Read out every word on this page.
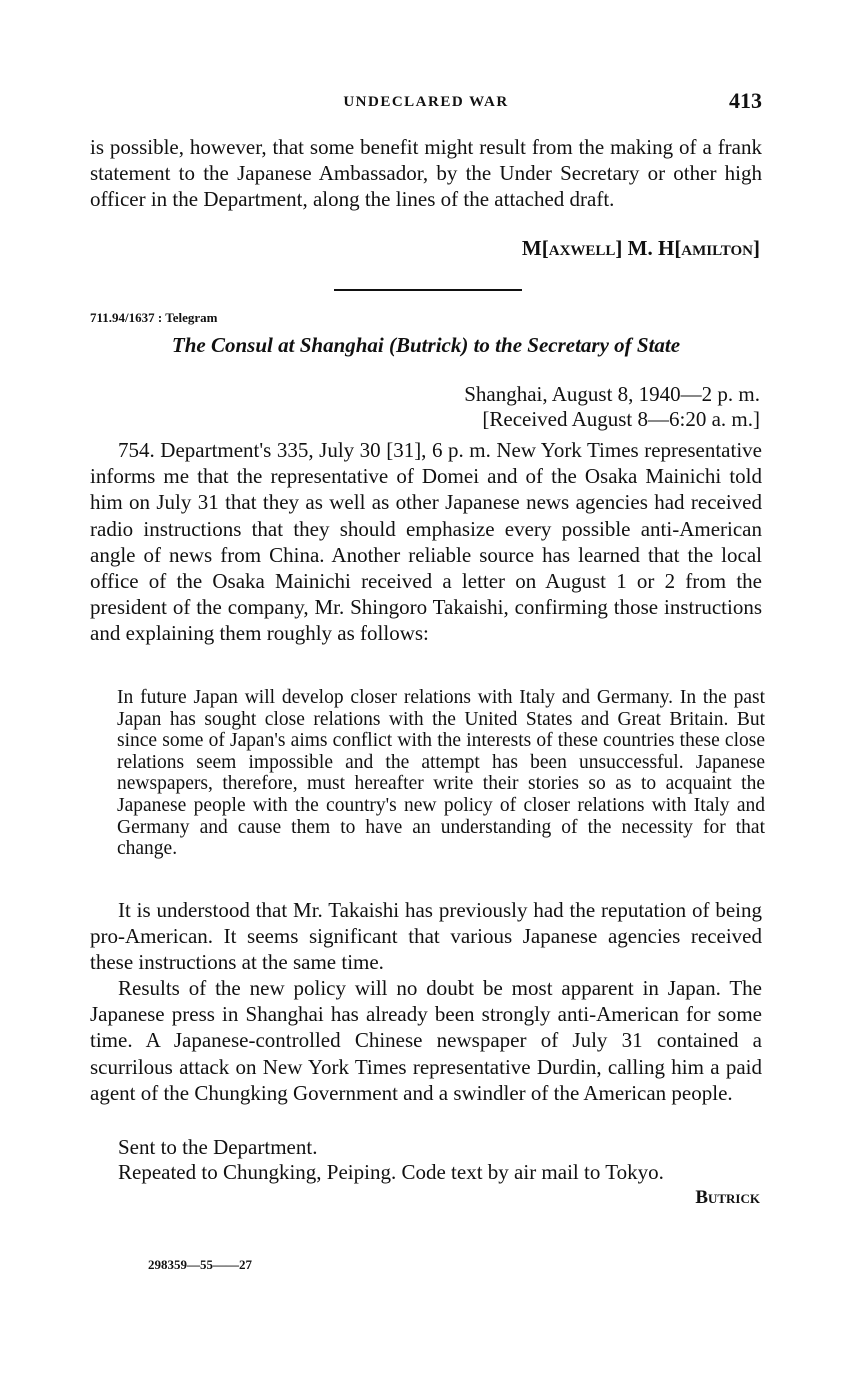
UNDECLARED WAR	413

is possible, however, that some benefit might result from the making of a frank statement to the Japanese Ambassador, by the Under Secretary or other high officer in the Department, along the lines of the attached draft.

M[axwell] M. H[amilton]
711.94/1637 : Telegram
The Consul at Shanghai (Butrick) to the Secretary of State
Shanghai, August 8, 1940—2 p. m.
[Received August 8—6:20 a. m.]

754. Department's 335, July 30 [31], 6 p. m. New York Times representative informs me that the representative of Domei and of the Osaka Mainichi told him on July 31 that they as well as other Japanese news agencies had received radio instructions that they should emphasize every possible anti-American angle of news from China. Another reliable source has learned that the local office of the Osaka Mainichi received a letter on August 1 or 2 from the president of the company, Mr. Shingoro Takaishi, confirming those instructions and explaining them roughly as follows:

In future Japan will develop closer relations with Italy and Germany. In the past Japan has sought close relations with the United States and Great Britain. But since some of Japan's aims conflict with the interests of these countries these close relations seem impossible and the attempt has been unsuccessful. Japanese newspapers, therefore, must hereafter write their stories so as to acquaint the Japanese people with the country's new policy of closer relations with Italy and Germany and cause them to have an understanding of the necessity for that change.

It is understood that Mr. Takaishi has previously had the reputation of being pro-American. It seems significant that various Japanese agencies received these instructions at the same time.

Results of the new policy will no doubt be most apparent in Japan. The Japanese press in Shanghai has already been strongly anti-American for some time. A Japanese-controlled Chinese newspaper of July 31 contained a scurrilous attack on New York Times representative Durdin, calling him a paid agent of the Chungking Government and a swindler of the American people.

Sent to the Department.
Repeated to Chungking, Peiping. Code text by air mail to Tokyo.
Butrick
298359—55——27
